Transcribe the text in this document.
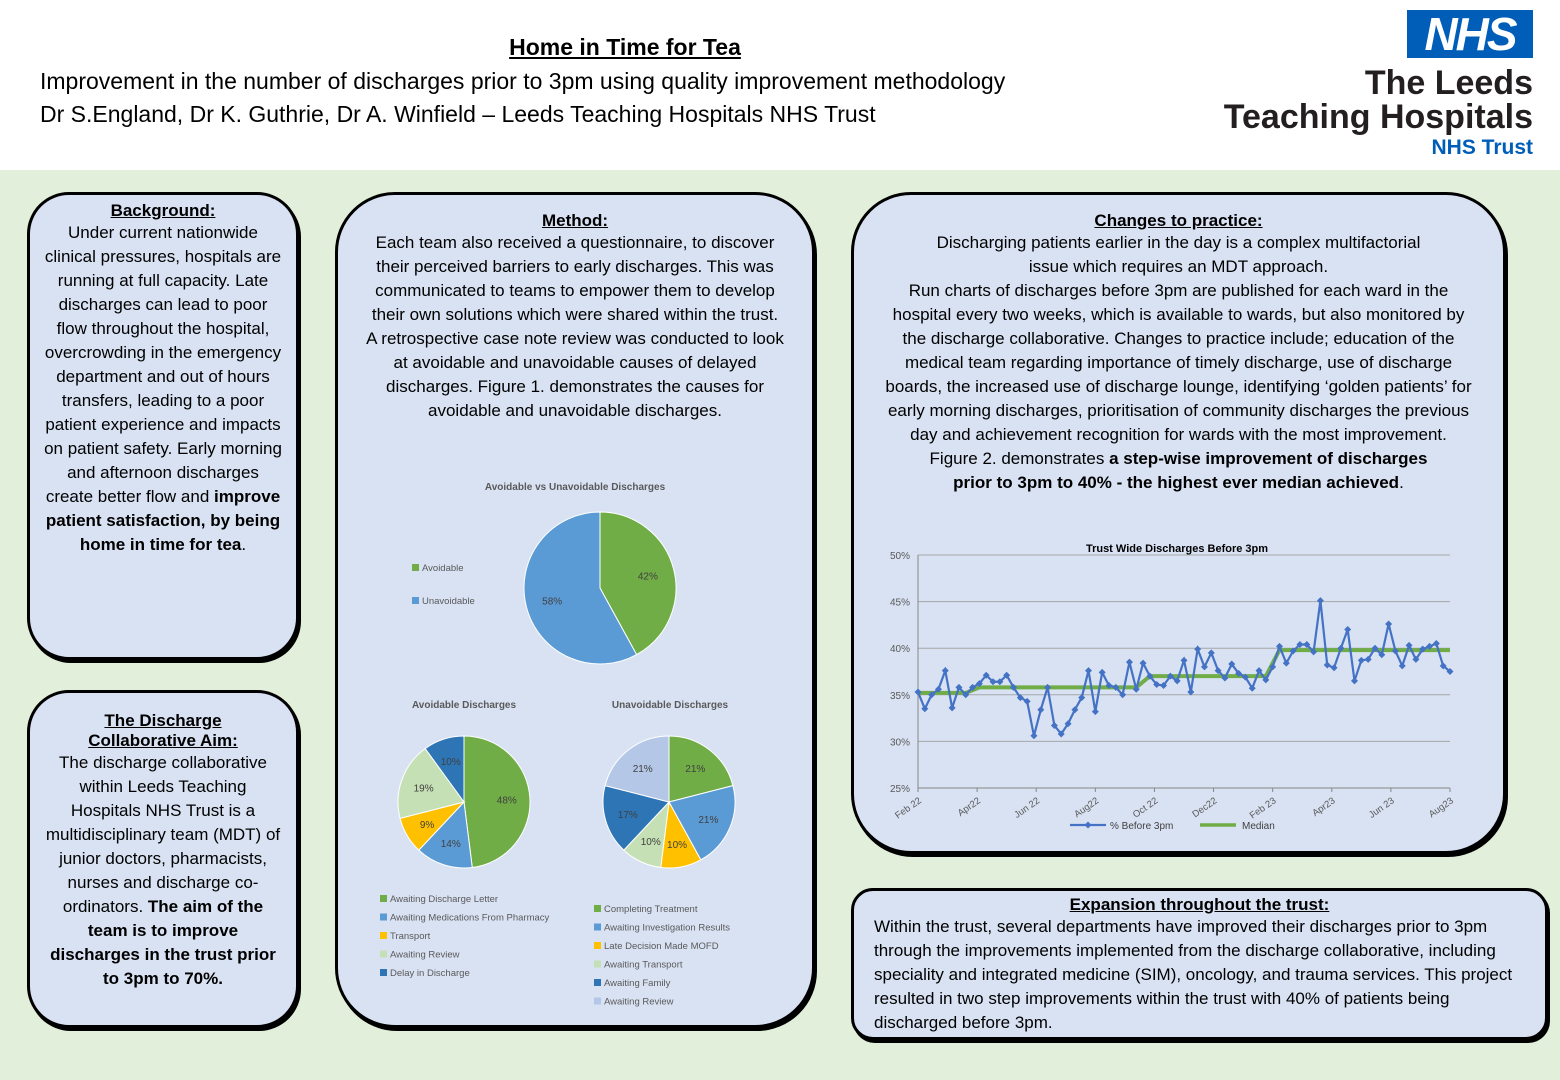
Home in Time for Tea
Improvement in the number of discharges prior to 3pm using quality improvement methodology
Dr S.England, Dr K. Guthrie, Dr A. Winfield – Leeds Teaching Hospitals NHS Trust
NHS
The Leeds
Teaching Hospitals
NHS Trust
Background:

Under current nationwide clinical pressures, hospitals are running at full capacity. Late discharges can lead to poor flow throughout the hospital, overcrowding in the emergency department and out of hours transfers, leading to a poor patient experience and impacts on patient safety. Early morning and afternoon discharges create better flow and improve patient satisfaction, by being home in time for tea.

The Discharge Collaborative Aim:

The discharge collaborative within Leeds Teaching Hospitals NHS Trust is a multidisciplinary team (MDT) of junior doctors, pharmacists, nurses and discharge co-ordinators. The aim of the team is to improve discharges in the trust prior to 3pm to 70%.

Method:

Each team also received a questionnaire, to discover their perceived barriers to early discharges. This was communicated to teams to empower them to develop their own solutions which were shared within the trust. A retrospective case note review was conducted to look at avoidable and unavoidable causes of delayed discharges. Figure 1. demonstrates the causes for avoidable and unavoidable discharges.

Changes to practice:

Discharging patients earlier in the day is a complex multifactorial issue which requires an MDT approach.

Run charts of discharges before 3pm are published for each ward in the hospital every two weeks, which is available to wards, but also monitored by the discharge collaborative. Changes to practice include; education of the medical team regarding importance of timely discharge, use of discharge boards, the increased use of discharge lounge, identifying ‘golden patients’ for early morning discharges, prioritisation of community discharges the previous day and achievement recognition for wards with the most improvement.

Figure 2. demonstrates a step-wise improvement of discharges prior to 3pm to 40% - the highest ever median achieved.

Expansion throughout the trust:

Within the trust, several departments have improved their discharges prior to 3pm through the improvements implemented from the discharge collaborative, including speciality and integrated medicine (SIM), oncology, and trauma services. This project resulted in two step improvements within the trust with 40% of patients being discharged before 3pm.

Avoidable vs Unavoidable Discharges
42%
58%
Avoidable
Unavoidable
Avoidable Discharges	Unavoidable Discharges
48%
14%
9%
19%
10%
21%
21%
10%
10%
17%
21%
Awaiting Discharge Letter
Awaiting Medications From Pharmacy
Transport
Awaiting Review
Delay in Discharge
Completing Treatment
Awaiting Investigation Results
Late Decision Made MOFD
Awaiting Transport
Awaiting Family
Awaiting Review
Trust Wide Discharges Before 3pm
25%
30%
35%
40%
45%
50%
Feb 22	Apr22	Jun 22	Aug22	Oct 22	Dec22	Feb 23	Apr23	Jun 23	Aug23
% Before 3pm	Median
